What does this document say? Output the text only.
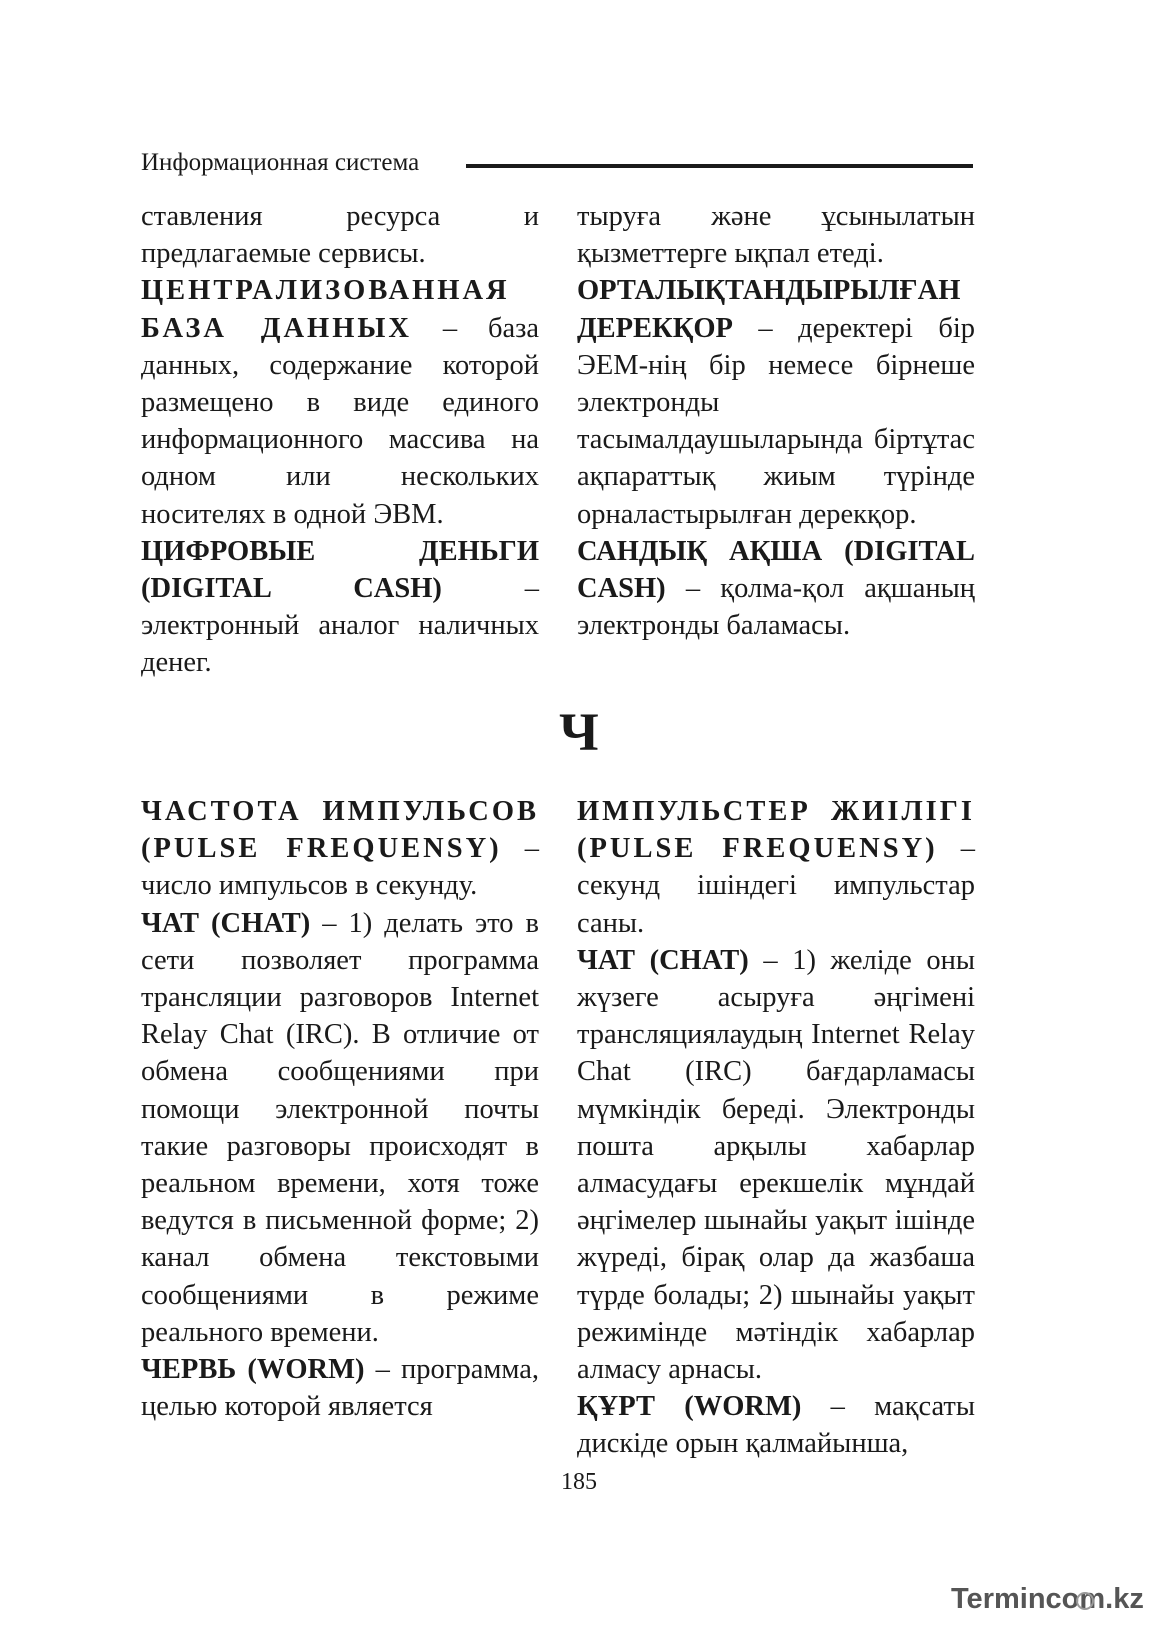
Информационная система

ставления ресурса и предлагаемые сервисы.

ЦЕНТРАЛИЗОВАННАЯ БАЗА ДАННЫХ – база данных, содержание которой размещено в виде единого информационного массива на одном или нескольких носителях в одной ЭВМ.

ЦИФРОВЫЕ ДЕНЬГИ (DIGITAL CASH)	– электронный аналог наличных денег.

тыруға және ұсынылатын қызметтерге ықпал етеді.

ОРТАЛЫҚТАНДЫРЫЛҒАН ДЕРЕКҚОР – деректері бір ЭЕМ-нің бір немесе бірнеше электронды тасымалдаушыларында біртұтас ақпараттық жиым түрінде орналастырылған дерекқор.

САНДЫҚ АҚША (DIGITAL CASH) – қолма-қол ақшаның электронды баламасы.

Ч

ЧАСТОТА ИМПУЛЬСОВ (PULSE FREQUENSY) – число импульсов в секунду.

ЧАТ (CHAT) – 1) делать это в сети позволяет программа трансляции разговоров Internet Relay Chat (IRC). В отличие от обмена сообщениями при помощи электронной почты такие разговоры происходят в реальном времени, хотя тоже ведутся в письменной форме; 2) канал обмена текстовыми сообщениями в режиме реального времени.

ЧЕРВЬ (WORM) – программа, целью которой является

ИМПУЛЬСТЕР ЖИІЛІГІ (PULSE FREQUENSY) – секунд ішіндегі импульстар саны.

ЧАТ (CHAT) – 1) желіде оны жүзеге асыруға әңгімені трансляциялаудың Internet Relay Chat (IRC) бағдарламасы мүмкіндік береді. Электронды пошта арқылы хабарлар алмасудағы ерекшелік мұндай әңгімелер шынайы уақыт ішінде жүреді, бірақ олар да жазбаша түрде болады; 2) шынайы уақыт режимінде мәтіндік хабарлар алмасу арнасы.

ҚҰРТ (WORM) – мақсаты дискіде орын қалмайынша,

185
Termincom.kz
